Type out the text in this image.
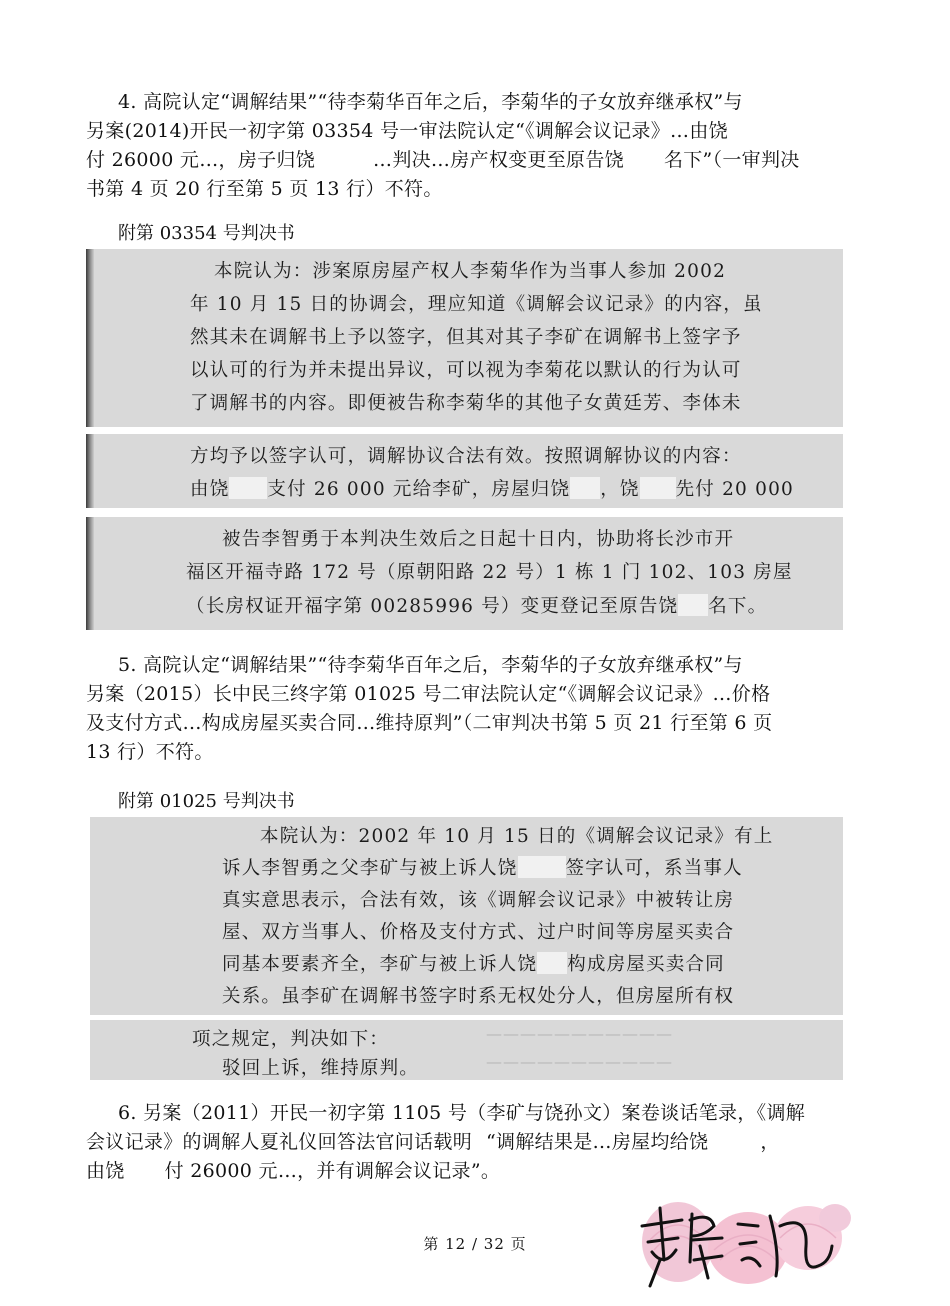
4. 高院认定“调解结果”“待李菊华百年之后，李菊华的子女放弃继承权”与
另案(2014)开民一初字第 03354 号一审法院认定“《调解会议记录》…由饶
付 26000 元…，房子归饶	…判决…房产权变更至原告饶 名下”（一审判决
书第 4 页 20 行至第 5 页 13 行）不符。
附第 03354 号判决书
本院认为：涉案原房屋产权人李菊华作为当事人参加 2002
年 10 月 15 日的协调会，理应知道《调解会议记录》的内容，虽
然其未在调解书上予以签字，但其对其子李矿在调解书上签字予
以认可的行为并未提出异议，可以视为李菊花以默认的行为认可
了调解书的内容。即便被告称李菊华的其他子女黄廷芳、李体未
方均予以签字认可，调解协议合法有效。按照调解协议的内容：
由饶 支付 26 000 元给李矿，房屋归饶 ，饶 先付 20 000
被告李智勇于本判决生效后之日起十日内，协助将长沙市开
福区开福寺路 172 号（原朝阳路 22 号）1 栋 1 门 102、103 房屋
（长房权证开福字第 00285996 号）变更登记至原告饶 名下。
5. 高院认定“调解结果”“待李菊华百年之后，李菊华的子女放弃继承权”与
另案（2015）长中民三终字第 01025 号二审法院认定“《调解会议记录》…价格
及支付方式…构成房屋买卖合同…维持原判”（二审判决书第 5 页 21 行至第 6 页
13 行）不符。
附第 01025 号判决书
本院认为：2002 年 10 月 15 日的《调解会议记录》有上
诉人李智勇之父李矿与被上诉人饶	签字认可，系当事人
真实意思表示，合法有效，该《调解会议记录》中被转让房
屋、双方当事人、价格及支付方式、过户时间等房屋买卖合
同基本要素齐全，李矿与被上诉人饶 构成房屋买卖合同
关系。虽李矿在调解书签字时系无权处分人，但房屋所有权
———————————
———————————
项之规定，判决如下：
驳回上诉，维持原判。
6. 另案（2011）开民一初字第 1105 号（李矿与饶孙文）案卷谈话笔录，《调解
会议记录》的调解人夏礼仪回答法官问话载明 “调解结果是…房屋均给饶	，
由饶 付 26000 元…，并有调解会议记录”。
第 12 / 32 页
